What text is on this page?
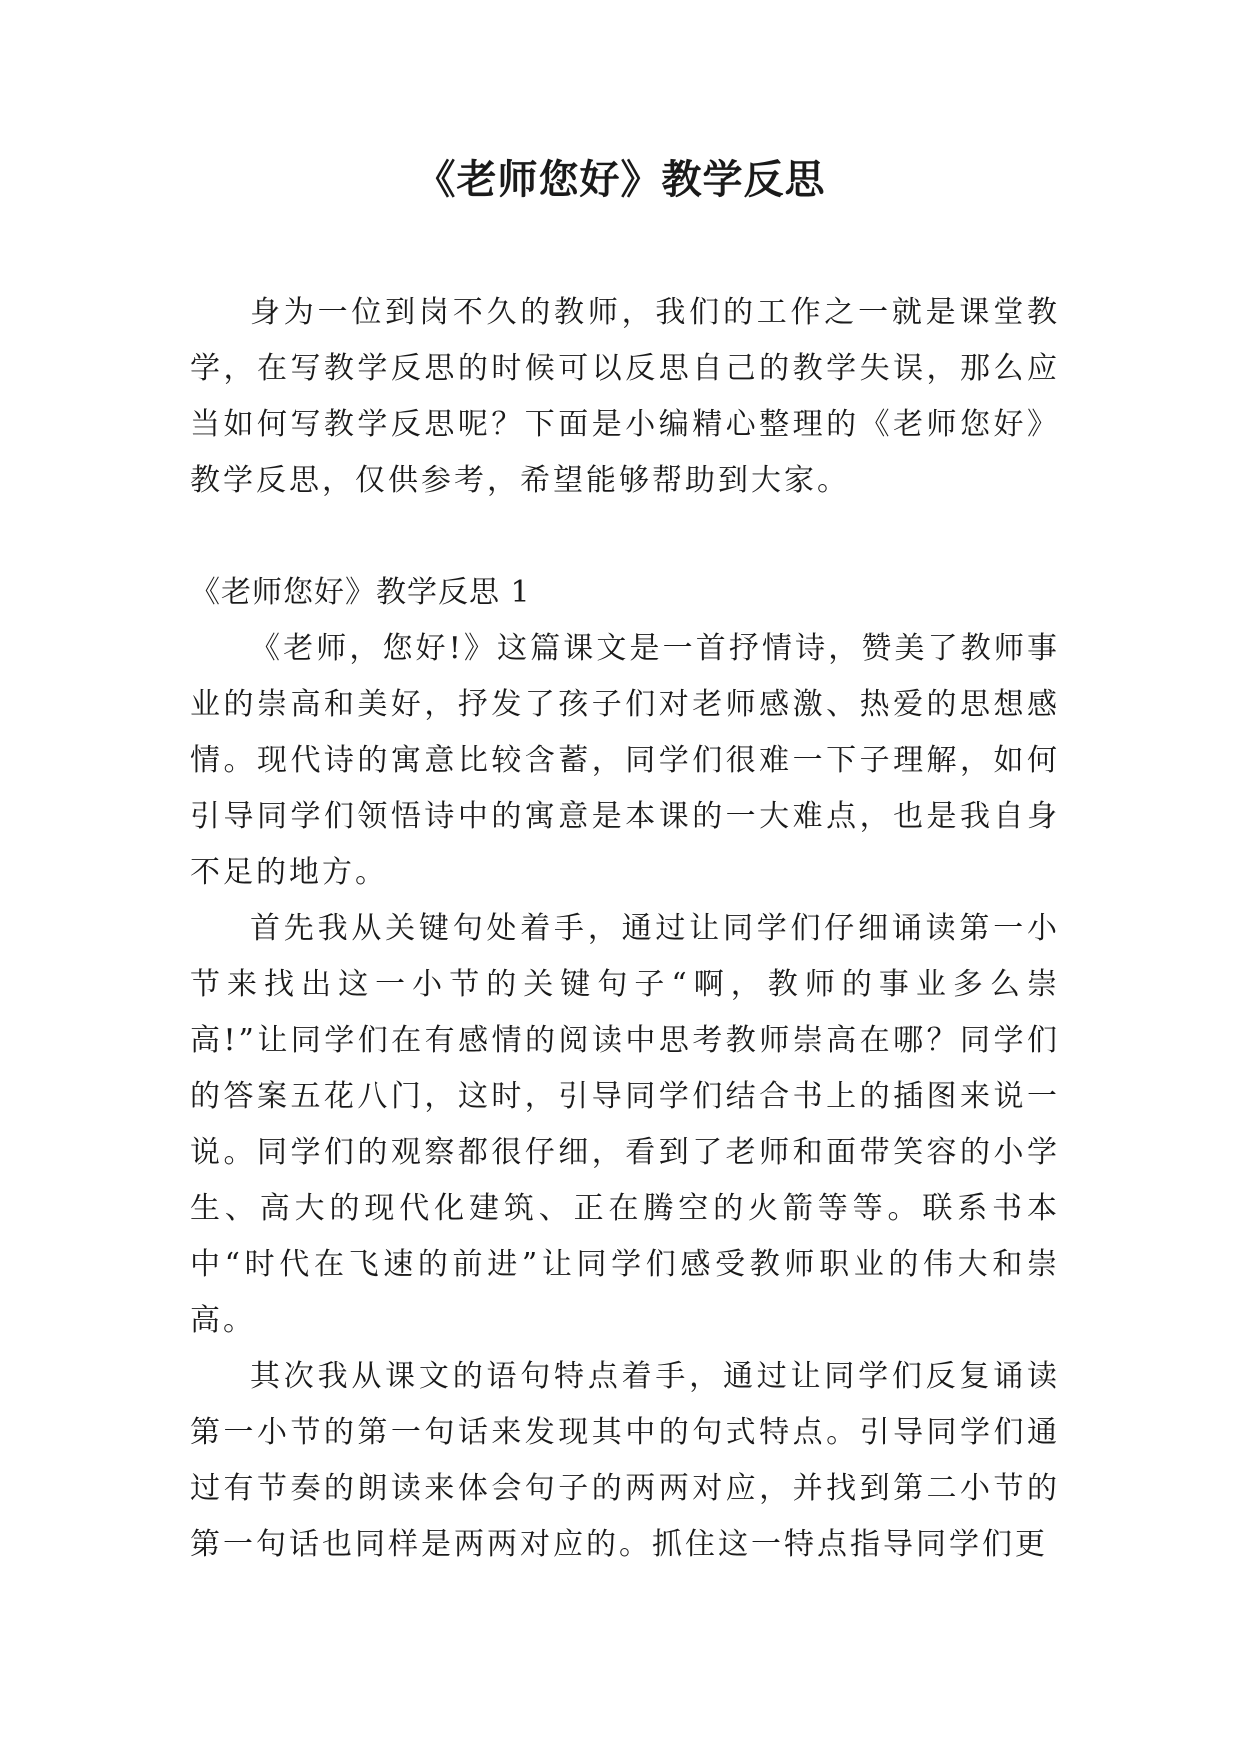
《老师您好》教学反思

身为一位到岗不久的教师，我们的工作之一就是课堂教学，在写教学反思的时候可以反思自己的教学失误，那么应当如何写教学反思呢？下面是小编精心整理的《老师您好》教学反思，仅供参考，希望能够帮助到大家。

《老师您好》教学反思 1

《老师，您好!》这篇课文是一首抒情诗，赞美了教师事业的崇高和美好，抒发了孩子们对老师感激、热爱的思想感情。现代诗的寓意比较含蓄，同学们很难一下子理解，如何引导同学们领悟诗中的寓意是本课的一大难点，也是我自身不足的地方。

首先我从关键句处着手，通过让同学们仔细诵读第一小节来找出这一小节的关键句子“啊，教师的事业多么崇高!”让同学们在有感情的阅读中思考教师崇高在哪？同学们的答案五花八门，这时，引导同学们结合书上的插图来说一说。同学们的观察都很仔细，看到了老师和面带笑容的小学生、高大的现代化建筑、正在腾空的火箭等等。联系书本中“时代在飞速的前进”让同学们感受教师职业的伟大和崇高。

其次我从课文的语句特点着手，通过让同学们反复诵读第一小节的第一句话来发现其中的句式特点。引导同学们通过有节奏的朗读来体会句子的两两对应，并找到第二小节的第一句话也同样是两两对应的。抓住这一特点指导同学们更
